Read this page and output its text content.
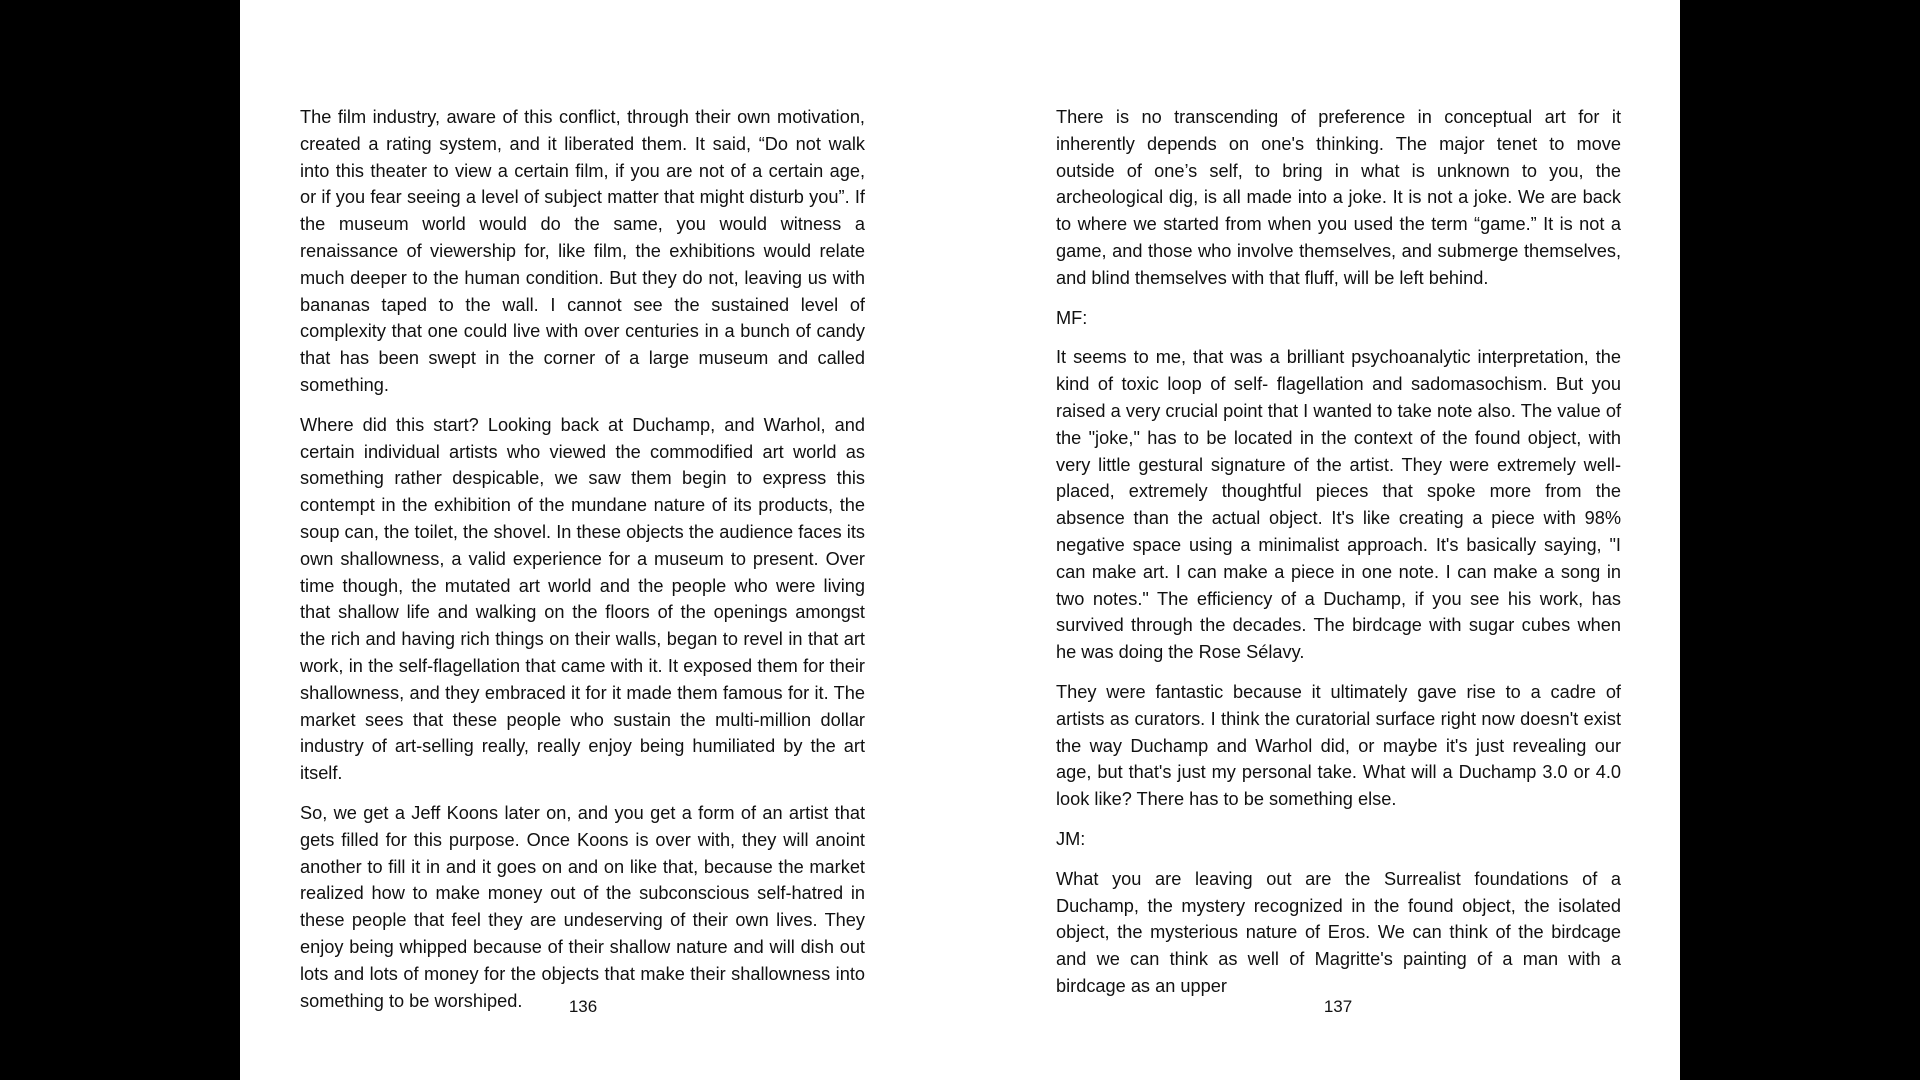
The film industry, aware of this conflict, through their own motivation, created a rating system, and it liberated them. It said, “Do not walk into this theater to view a certain film, if you are not of a certain age, or if you fear seeing a level of subject matter that might disturb you”. If the museum world would do the same, you would witness a renaissance of viewership for, like film, the exhibitions would relate much deeper to the human condition. But they do not, leaving us with bananas taped to the wall. I cannot see the sustained level of complexity that one could live with over centuries in a bunch of candy that has been swept in the corner of a large museum and called something.

Where did this start? Looking back at Duchamp, and Warhol, and certain individual artists who viewed the commodified art world as something rather despicable, we saw them begin to express this contempt in the exhibition of the mundane nature of its products, the soup can, the toilet, the shovel. In these objects the audience faces its own shallowness, a valid experience for a museum to present. Over time though, the mutated art world and the people who were living that shallow life and walking on the floors of the openings amongst the rich and having rich things on their walls, began to revel in that art work, in the self-flagellation that came with it. It exposed them for their shallowness, and they embraced it for it made them famous for it. The market sees that these people who sustain the multi-million dollar industry of art-selling really, really enjoy being humiliated by the art itself.

So, we get a Jeff Koons later on, and you get a form of an artist that gets filled for this purpose. Once Koons is over with, they will anoint another to fill it in and it goes on and on like that, because the market realized how to make money out of the subconscious self-hatred in these people that feel they are undeserving of their own lives. They enjoy being whipped because of their shallow nature and will dish out lots and lots of money for the objects that make their shallowness into something to be worshiped.	136

There is no transcending of preference in conceptual art for it inherently depends on one's thinking. The major tenet to move outside of one’s self, to bring in what is unknown to you, the archeological dig, is all made into a joke. It is not a joke. We are back to where we started from when you used the term “game.” It is not a game, and those who involve themselves, and submerge themselves, and blind themselves with that fluff, will be left behind.

MF:

It seems to me, that was a brilliant psychoanalytic interpretation, the kind of toxic loop of self- flagellation and sadomasochism. But you raised a very crucial point that I wanted to take note also. The value of the "joke," has to be located in the context of the found object, with very little gestural signature of the artist. They were extremely well-placed, extremely thoughtful pieces that spoke more from the absence than the actual object. It's like creating a piece with 98% negative space using a minimalist approach. It's basically saying, "I can make art. I can make a piece in one note. I can make a song in two notes." The efficiency of a Duchamp, if you see his work, has survived through the decades. The birdcage with sugar cubes when he was doing the Rose Sélavy.

They were fantastic because it ultimately gave rise to a cadre of artists as curators. I think the curatorial surface right now doesn't exist the way Duchamp and Warhol did, or maybe it's just revealing our age, but that's just my personal take. What will a Duchamp 3.0 or 4.0 look like? There has to be something else.

JM:

What you are leaving out are the Surrealist foundations of a Duchamp, the mystery recognized in the found object, the isolated object, the mysterious nature of Eros. We can think of the birdcage and we can think as well of Magritte's painting of a man with a birdcage as an upper

137
